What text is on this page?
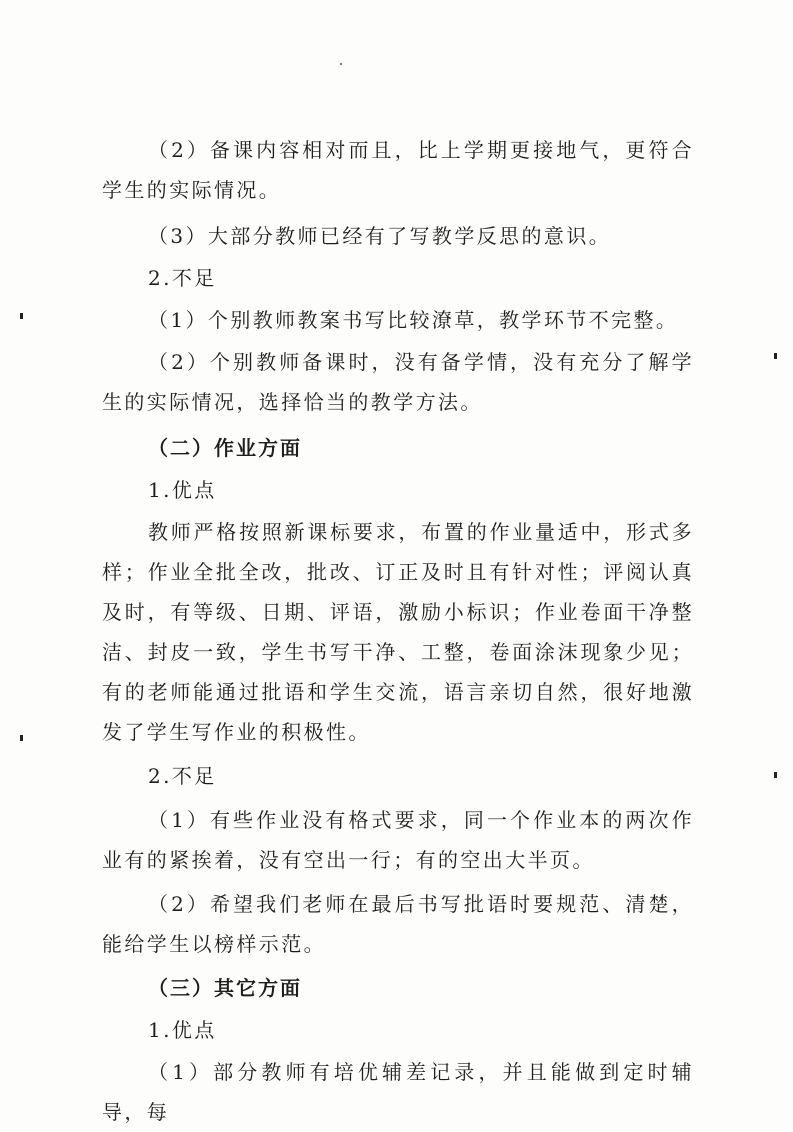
（2）备课内容相对而且，比上学期更接地气，更符合学生的实际情况。

（3）大部分教师已经有了写教学反思的意识。

2.不足

（1）个别教师教案书写比较潦草，教学环节不完整。

（2）个别教师备课时，没有备学情，没有充分了解学生的实际情况，选择恰当的教学方法。

（二）作业方面

1.优点

教师严格按照新课标要求，布置的作业量适中，形式多样；作业全批全改，批改、订正及时且有针对性；评阅认真及时，有等级、日期、评语，激励小标识；作业卷面干净整洁、封皮一致，学生书写干净、工整，卷面涂沫现象少见；有的老师能通过批语和学生交流，语言亲切自然，很好地激发了学生写作业的积极性。

2.不足

（1）有些作业没有格式要求，同一个作业本的两次作业有的紧挨着，没有空出一行；有的空出大半页。

（2）希望我们老师在最后书写批语时要规范、清楚，能给学生以榜样示范。

（三）其它方面

1.优点

（1）部分教师有培优辅差记录，并且能做到定时辅导，每
